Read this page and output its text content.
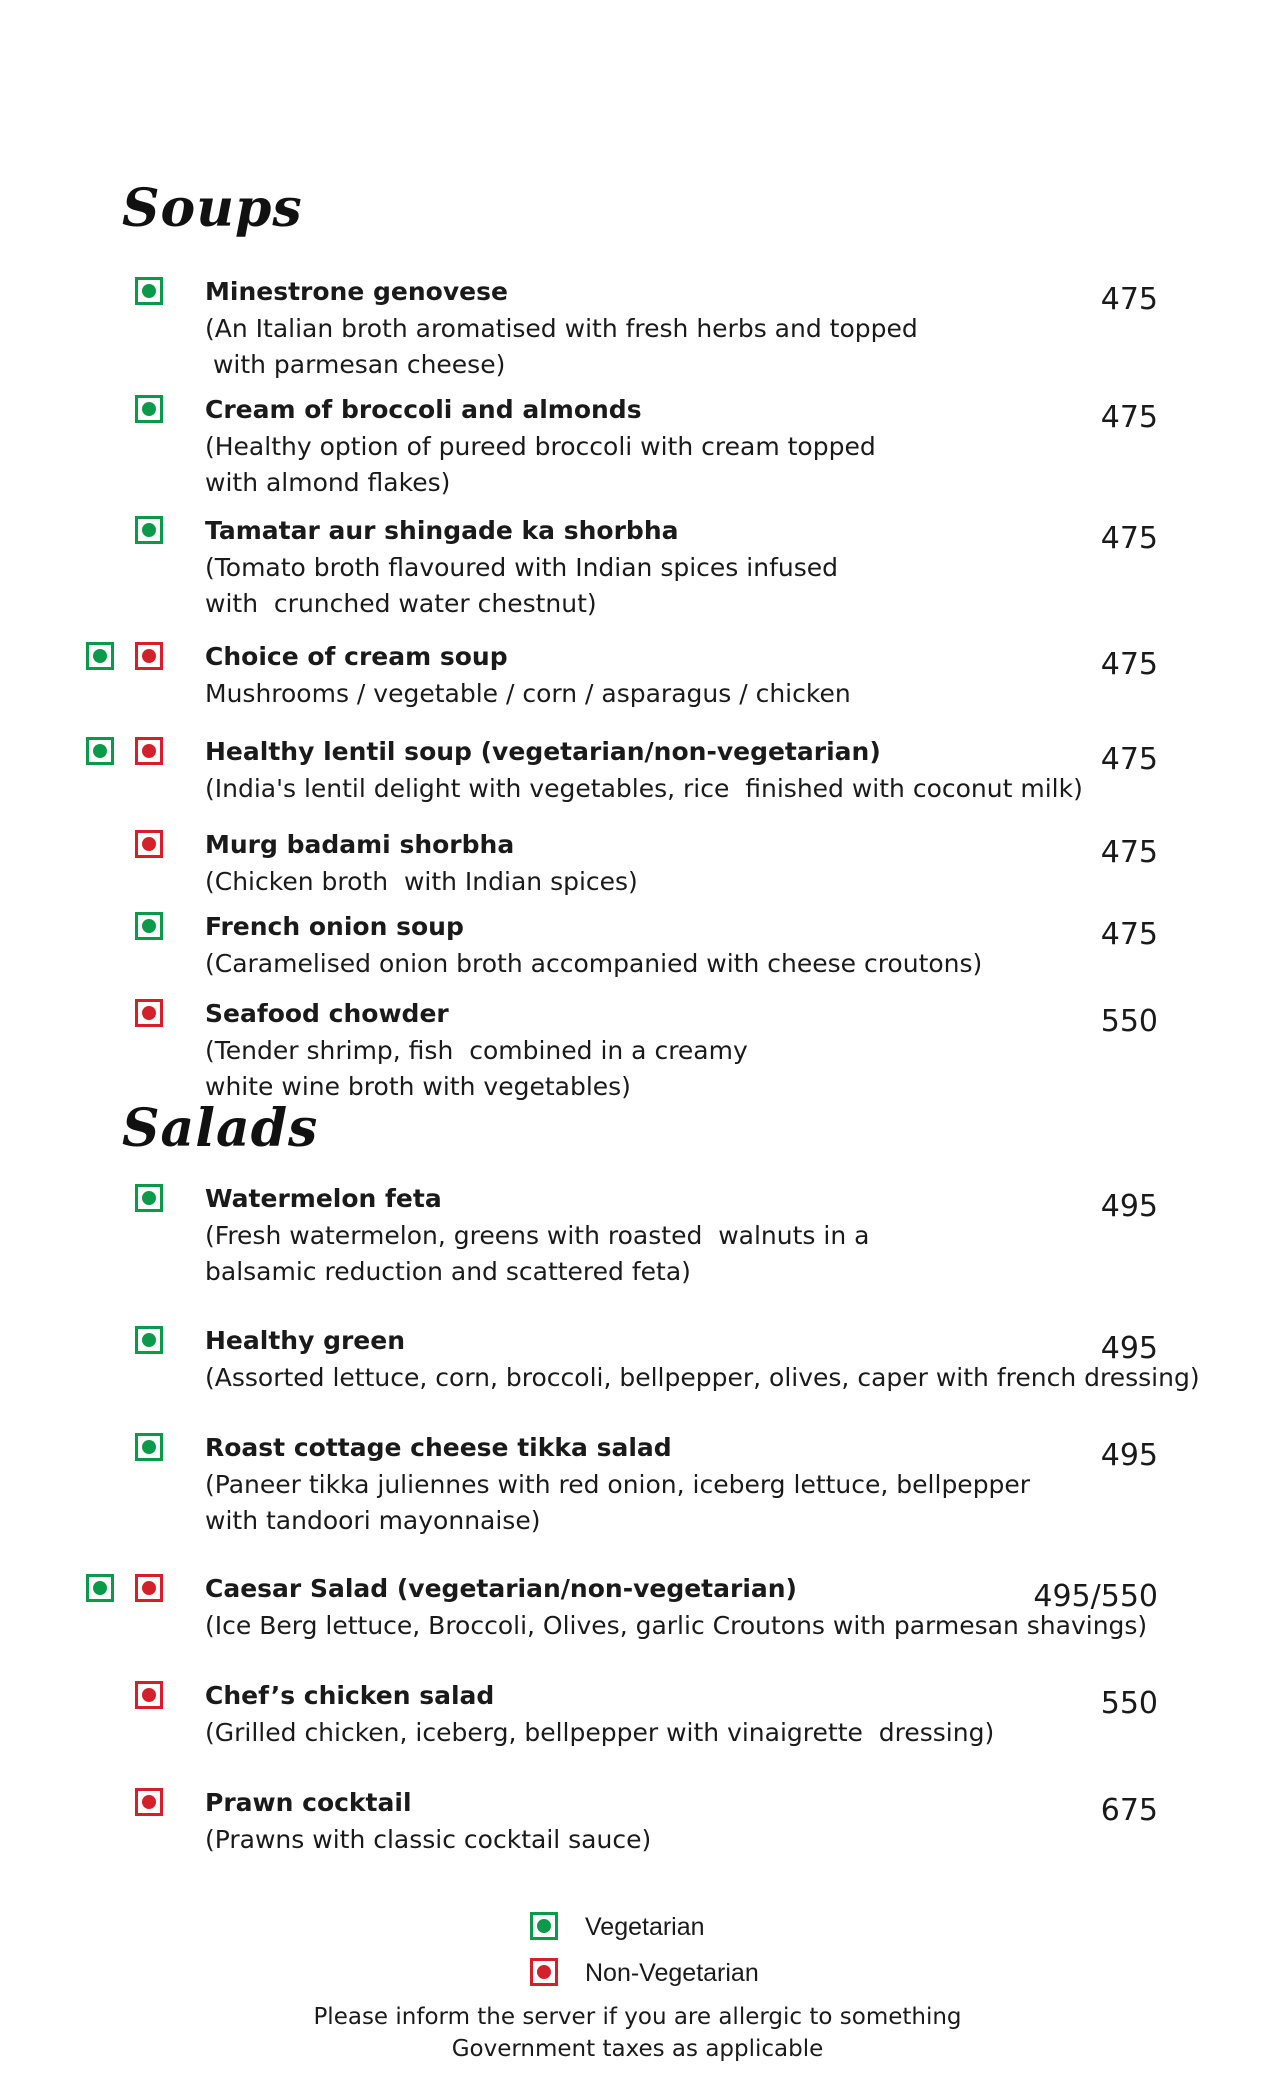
Soups
Minestrone genovese
(An Italian broth aromatised with fresh herbs and topped
with parmesan cheese)
475
Cream of broccoli and almonds
(Healthy option of pureed broccoli with cream topped
with almond flakes)
475
Tamatar aur shingade ka shorbha
(Tomato broth flavoured with Indian spices infused
with  crunched water chestnut)
475
Choice of cream soup
Mushrooms / vegetable / corn / asparagus / chicken
475
Healthy lentil soup (vegetarian/non-vegetarian)
(India's lentil delight with vegetables, rice  finished with coconut milk)
475
Murg badami shorbha
(Chicken broth  with Indian spices)
475
French onion soup
(Caramelised onion broth accompanied with cheese croutons)
475
Seafood chowder
(Tender shrimp, fish  combined in a creamy
white wine broth with vegetables)
550
Salads
Watermelon feta
(Fresh watermelon, greens with roasted  walnuts in a
balsamic reduction and scattered feta)
495
Healthy green
(Assorted lettuce, corn, broccoli, bellpepper, olives, caper with french dressing)
495
Roast cottage cheese tikka salad
(Paneer tikka juliennes with red onion, iceberg lettuce, bellpepper
with tandoori mayonnaise)
495
Caesar Salad (vegetarian/non-vegetarian)
(Ice Berg lettuce, Broccoli, Olives, garlic Croutons with parmesan shavings)
495/550
Chef’s chicken salad
(Grilled chicken, iceberg, bellpepper with vinaigrette  dressing)
550
Prawn cocktail
(Prawns with classic cocktail sauce)
675
Vegetarian
Non-Vegetarian
Please inform the server if you are allergic to something
Government taxes as applicable
